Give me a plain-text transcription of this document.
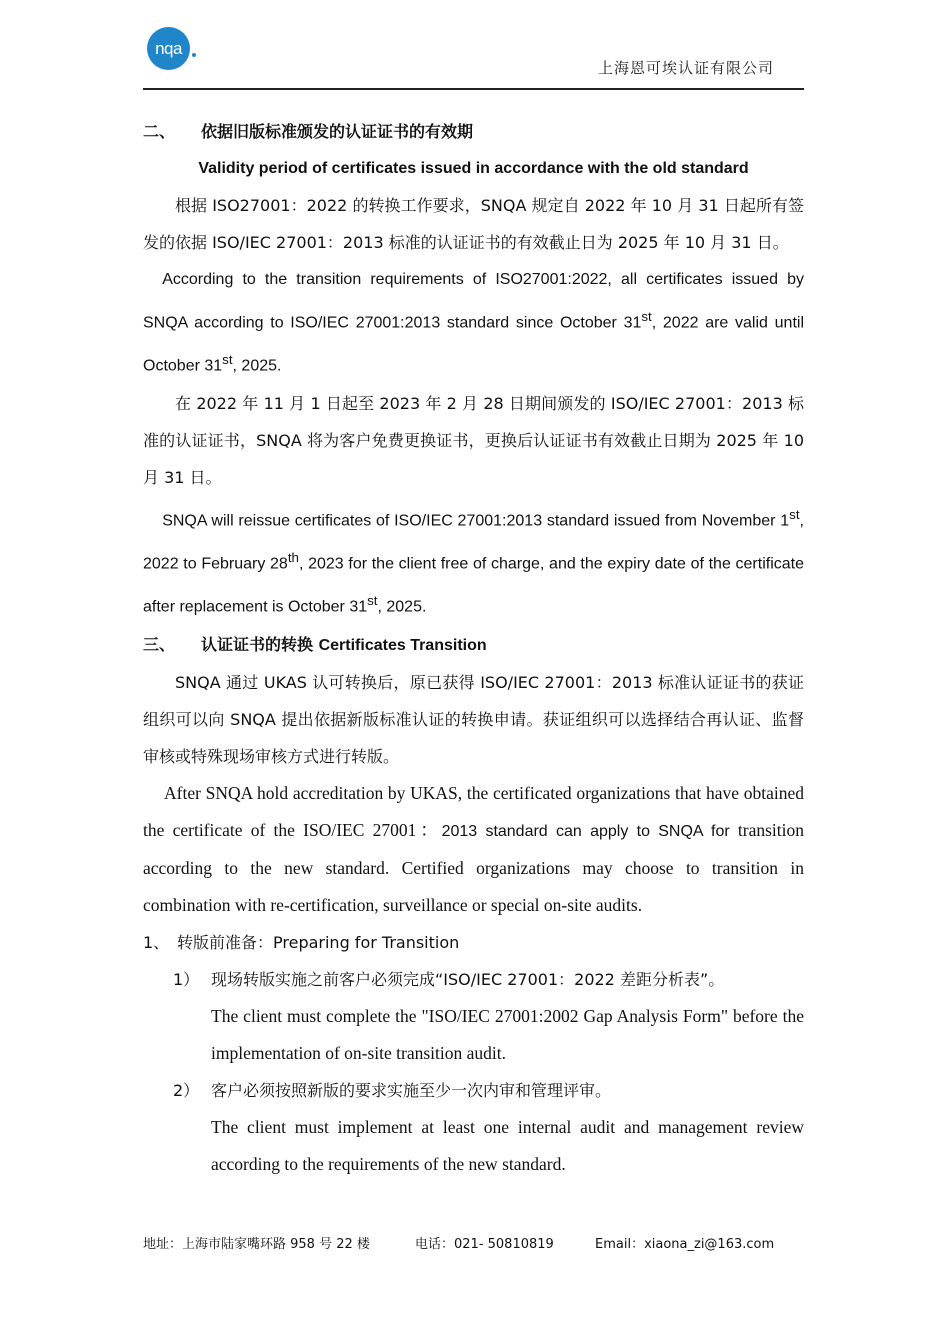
nqa
上海恩可埃认证有限公司
二、	依据旧版标准颁发的认证证书的有效期

Validity period of certificates issued in accordance with the old standard

根据 ISO27001：2022 的转换工作要求，SNQA 规定自 2022 年 10 月 31 日起所有签发的依据 ISO/IEC 27001：2013 标准的认证证书的有效截止日为 2025 年 10 月 31 日。

According to the transition requirements of ISO27001:2022, all certificates issued by SNQA according to ISO/IEC 27001:2013 standard since October 31st, 2022 are valid until October 31st, 2025.

在 2022 年 11 月 1 日起至 2023 年 2 月 28 日期间颁发的 ISO/IEC 27001：2013 标准的认证证书，SNQA 将为客户免费更换证书，更换后认证证书有效截止日期为 2025 年 10 月 31 日。

SNQA will reissue certificates of ISO/IEC 27001:2013 standard issued from November 1st, 2022 to February 28th, 2023 for the client free of charge, and the expiry date of the certificate after replacement is October 31st, 2025.

三、	认证证书的转换 Certificates Transition

SNQA 通过 UKAS 认可转换后，原已获得 ISO/IEC 27001：2013 标准认证证书的获证组织可以向 SNQA 提出依据新版标准认证的转换申请。获证组织可以选择结合再认证、监督审核或特殊现场审核方式进行转版。

After SNQA hold accreditation by UKAS, the certificated organizations that have obtained the certificate of the ISO/IEC 27001：2013 standard can apply to SNQA for transition according to the new standard. Certified organizations may choose to transition in combination with re-certification, surveillance or special on-site audits.

1、 转版前准备：Preparing for Transition
1） 现场转版实施之前客户必须完成“ISO/IEC 27001：2022 差距分析表”。

The client must complete the "ISO/IEC 27001:2002 Gap Analysis Form" before the implementation of on-site transition audit.

2） 客户必须按照新版的要求实施至少一次内审和管理评审。

The client must implement at least one internal audit and management review according to the requirements of the new standard.

地址：上海市陆家嘴环路 958 号 22 楼	电话：021- 50810819	Email：xiaona_zi@163.com
